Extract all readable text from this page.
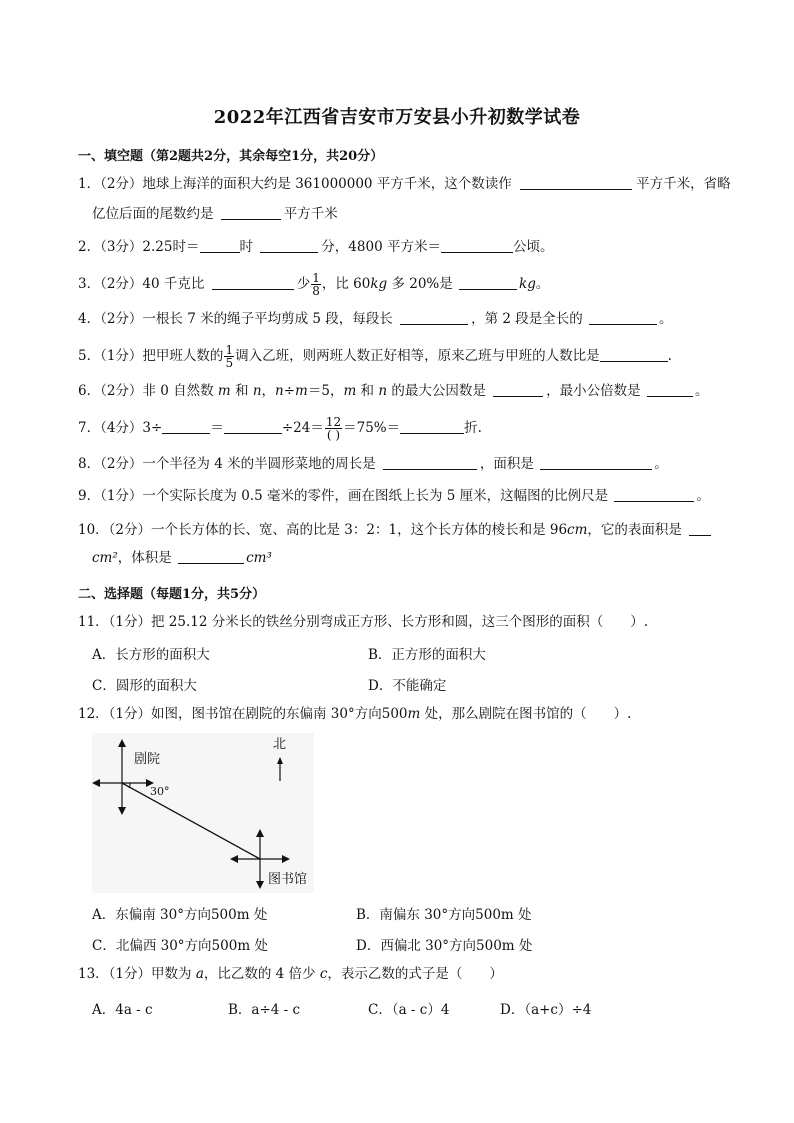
2022年江西省吉安市万安县小升初数学试卷
一、填空题（第2题共2分，其余每空1分，共20分）
1．（2分）地球上海洋的面积大约是 361000000 平方千米，这个数读作	平方千米，省略
亿位后面的尾数约是	平方千米
2．（3分）2.25时＝	时	分，4800 平方米＝	公顷。
3．（2分）40 千克比	少 $\frac{1}{8}$ ，比 60kg 多 20%是	kg。
4．（2分）一根长 7 米的绳子平均剪成 5 段，每段长	，第 2 段是全长的	。
5．（1分）把甲班人数的 $\frac{1}{5}$ 调入乙班，则两班人数正好相等，原来乙班与甲班的人数比是	.
6．（2分）非 0 自然数 m 和 n，n÷m＝5，m 和 n 的最大公因数是	，最小公倍数是	。
7．（4分）3÷	＝	$\div 24= \frac{12}{( )} =75\%=$	折.
8．（2分）一个半径为 4 米的半圆形菜地的周长是	，面积是	。
9．（1分）一个实际长度为 0.5 毫米的零件，画在图纸上长为 5 厘米，这幅图的比例尺是	。
10．（2分）一个长方体的长、宽、高的比是 3：2：1，这个长方体的棱长和是 96cm，它的表面积是
cm²，体积是	cm³
二、选择题（每题1分，共5分）
11．（1分）把 25.12 分米长的铁丝分别弯成正方形、长方形和圆，这三个图形的面积（　　）.
A．长方形的面积大	B．正方形的面积大
C．圆形的面积大	D．不能确定
12．（1分）如图，图书馆在剧院的东偏南 30°方向500m 处，那么剧院在图书馆的（　　）.
北
剧院
30°
图书馆
A．东偏南 30°方向500m 处	B．南偏东 30°方向500m 处
C．北偏西 30°方向500m 处	D．西偏北 30°方向500m 处
13．（1分）甲数为 a，比乙数的 4 倍少 c，表示乙数的式子是（　　）
A．4a - c	B．a÷4 - c	C．（a - c）4	D．（a+c）÷4
